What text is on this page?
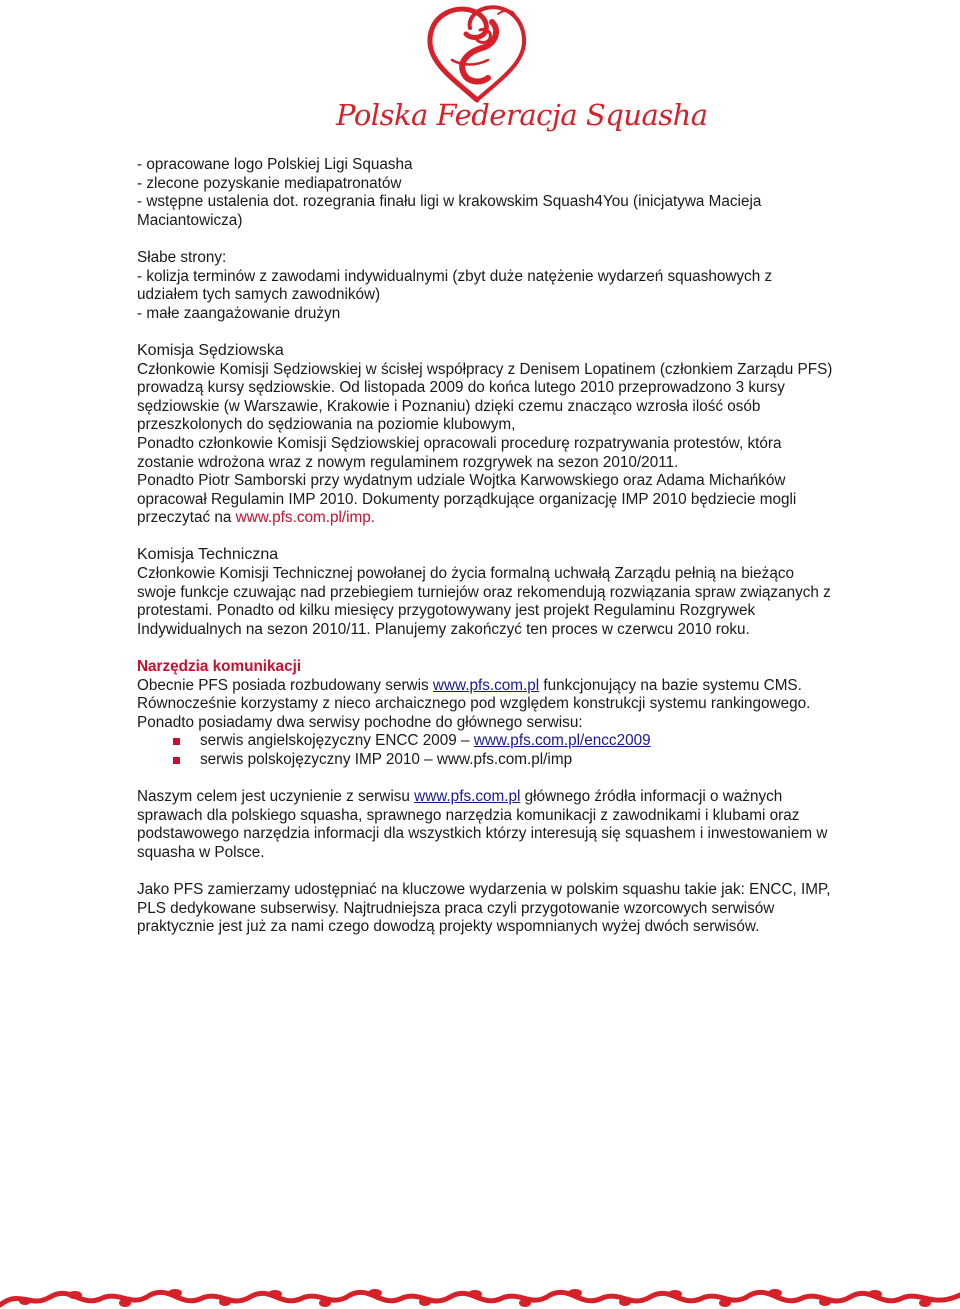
Polska Federacja Squasha

- opracowane logo Polskiej Ligi Squasha

- zlecone pozyskanie mediapatronatów

- wstępne ustalenia dot. rozegrania finału ligi w krakowskim Squash4You (inicjatywa Macieja Maciantowicza)

Słabe strony:

- kolizja terminów z zawodami indywidualnymi (zbyt duże natężenie wydarzeń squashowych z udziałem tych samych zawodników)

- małe zaangażowanie drużyn

Komisja Sędziowska

Członkowie Komisji Sędziowskiej w ścisłej współpracy z Denisem Lopatinem (członkiem Zarządu PFS) prowadzą kursy sędziowskie. Od listopada 2009 do końca lutego 2010 przeprowadzono 3 kursy sędziowskie (w Warszawie, Krakowie i Poznaniu) dzięki czemu znacząco wzrosła ilość osób przeszkolonych do sędziowania na poziomie klubowym,

Ponadto członkowie Komisji Sędziowskiej opracowali procedurę rozpatrywania protestów, która zostanie wdrożona wraz z nowym regulaminem rozgrywek na sezon 2010/2011.

Ponadto Piotr Samborski przy wydatnym udziale Wojtka Karwowskiego oraz Adama Michańków opracował Regulamin IMP 2010. Dokumenty porządkujące organizację IMP 2010 będziecie mogli przeczytać na www.pfs.com.pl/imp.

Komisja Techniczna

Członkowie Komisji Technicznej powołanej do życia formalną uchwałą Zarządu pełnią na bieżąco swoje funkcje czuwając nad przebiegiem turniejów oraz rekomendują rozwiązania spraw związanych z protestami. Ponadto od kilku miesięcy przygotowywany jest projekt Regulaminu Rozgrywek Indywidualnych na sezon 2010/11. Planujemy zakończyć ten proces w czerwcu 2010 roku.

Narzędzia komunikacji

Obecnie PFS posiada rozbudowany serwis www.pfs.com.pl funkcjonujący na bazie systemu CMS. Równocześnie korzystamy z nieco archaicznego pod względem konstrukcji systemu rankingowego.

Ponadto posiadamy dwa serwisy pochodne do głównego serwisu:

serwis angielskojęzyczny ENCC 2009 – www.pfs.com.pl/encc2009
serwis polskojęzyczny IMP 2010 – www.pfs.com.pl/imp

Naszym celem jest uczynienie z serwisu www.pfs.com.pl głównego źródła informacji o ważnych sprawach dla polskiego squasha, sprawnego narzędzia komunikacji z zawodnikami i klubami oraz podstawowego narzędzia informacji dla wszystkich którzy interesują się squashem i inwestowaniem w squasha w Polsce.

Jako PFS zamierzamy udostępniać na kluczowe wydarzenia w polskim squashu takie jak: ENCC, IMP, PLS dedykowane subserwisy. Najtrudniejsza praca czyli przygotowanie wzorcowych serwisów praktycznie jest już za nami czego dowodzą projekty wspomnianych wyżej dwóch serwisów.
